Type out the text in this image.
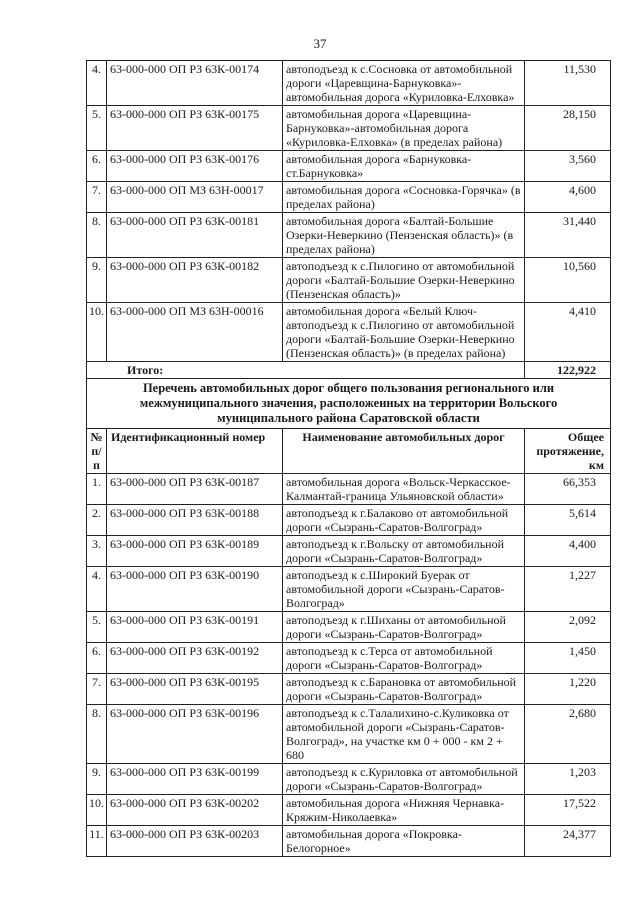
37
4.	63-000-000 ОП РЗ 63К-00174	автоподъезд к с.Сосновка от автомобильной дороги «Царевщина-Барнуковка»-автомобильная дорога «Куриловка-Елховка»	11,530
5.	63-000-000 ОП РЗ 63К-00175	автомобильная дорога «Царевщина-Барнуковка»-автомобильная дорога «Куриловка-Елховка» (в пределах района)	28,150
6.	63-000-000 ОП РЗ 63К-00176	автомобильная дорога «Барнуковка-ст.Барнуковка»	3,560
7.	63-000-000 ОП МЗ 63Н-00017	автомобильная дорога «Сосновка-Горячка» (в пределах района)	4,600
8.	63-000-000 ОП РЗ 63К-00181	автомобильная дорога «Балтай-Большие Озерки-Неверкино (Пензенская область)» (в пределах района)	31,440
9.	63-000-000 ОП РЗ 63К-00182	автоподъезд к с.Пилогино от автомобильной дороги «Балтай-Большие Озерки-Неверкино (Пензенская область)»	10,560
10.	63-000-000 ОП МЗ 63Н-00016	автомобильная дорога «Белый Ключ-автоподъезд к с.Пилогино от автомобильной дороги «Балтай-Большие Озерки-Неверкино (Пензенская область)» (в пределах района)	4,410
Итого:			122,922
Перечень автомобильных дорог общего пользования регионального или межмуниципального значения, расположенных на территории Вольского муниципального района Саратовской области			
№ п/п	Идентификационный номер	Наименование автомобильных дорог	Общее протяжение, км
1.	63-000-000 ОП РЗ 63К-00187	автомобильная дорога «Вольск-Черкасское-Калмантай-граница Ульяновской области»	66,353
2.	63-000-000 ОП РЗ 63К-00188	автоподъезд к г.Балаково от автомобильной дороги «Сызрань-Саратов-Волгоград»	5,614
3.	63-000-000 ОП РЗ 63К-00189	автоподъезд к г.Вольску от автомобильной дороги «Сызрань-Саратов-Волгоград»	4,400
4.	63-000-000 ОП РЗ 63К-00190	автоподъезд к с.Широкий Буерак от автомобильной дороги «Сызрань-Саратов-Волгоград»	1,227
5.	63-000-000 ОП РЗ 63К-00191	автоподъезд к г.Шиханы от автомобильной дороги «Сызрань-Саратов-Волгоград»	2,092
6.	63-000-000 ОП РЗ 63К-00192	автоподъезд к с.Терса от автомобильной дороги «Сызрань-Саратов-Волгоград»	1,450
7.	63-000-000 ОП РЗ 63К-00195	автоподъезд к с.Барановка от автомобильной дороги «Сызрань-Саратов-Волгоград»	1,220
8.	63-000-000 ОП РЗ 63К-00196	автоподъезд к с.Талалихино-с.Куликовка от автомобильной дороги «Сызрань-Саратов-Волгоград», на участке км 0 + 000 - км 2 + 680	2,680
9.	63-000-000 ОП РЗ 63К-00199	автоподъезд к с.Куриловка от автомобильной дороги «Сызрань-Саратов-Волгоград»	1,203
10.	63-000-000 ОП РЗ 63К-00202	автомобильная дорога «Нижняя Чернавка-Кряжим-Николаевка»	17,522
11.	63-000-000 ОП РЗ 63К-00203	автомобильная дорога «Покровка-Белогорное»	24,377
